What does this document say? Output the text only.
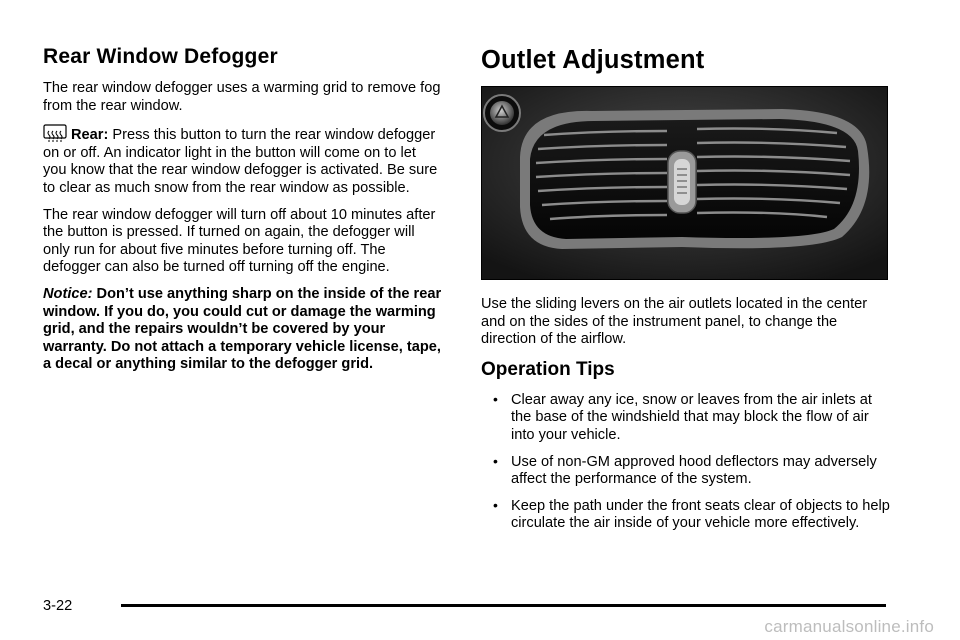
Rear Window Defogger

The rear window defogger uses a warming grid to remove fog from the rear window.

Rear: Press this button to turn the rear window defogger on or off. An indicator light in the button will come on to let you know that the rear window defogger is activated. Be sure to clear as much snow from the rear window as possible.

The rear window defogger will turn off about 10 minutes after the button is pressed. If turned on again, the defogger will only run for about five minutes before turning off. The defogger can also be turned off turning off the engine.

Notice: Don’t use anything sharp on the inside of the rear window. If you do, you could cut or damage the warming grid, and the repairs wouldn’t be covered by your warranty. Do not attach a temporary vehicle license, tape, a decal or anything similar to the defogger grid.

Outlet Adjustment

Use the sliding levers on the air outlets located in the center and on the sides of the instrument panel, to change the direction of the airflow.

Operation Tips
• Clear away any ice, snow or leaves from the air inlets at the base of the windshield that may block the flow of air into your vehicle.
• Use of non-GM approved hood deflectors may adversely affect the performance of the system.
• Keep the path under the front seats clear of objects to help circulate the air inside of your vehicle more effectively.
3-22
carmanualsonline.info
